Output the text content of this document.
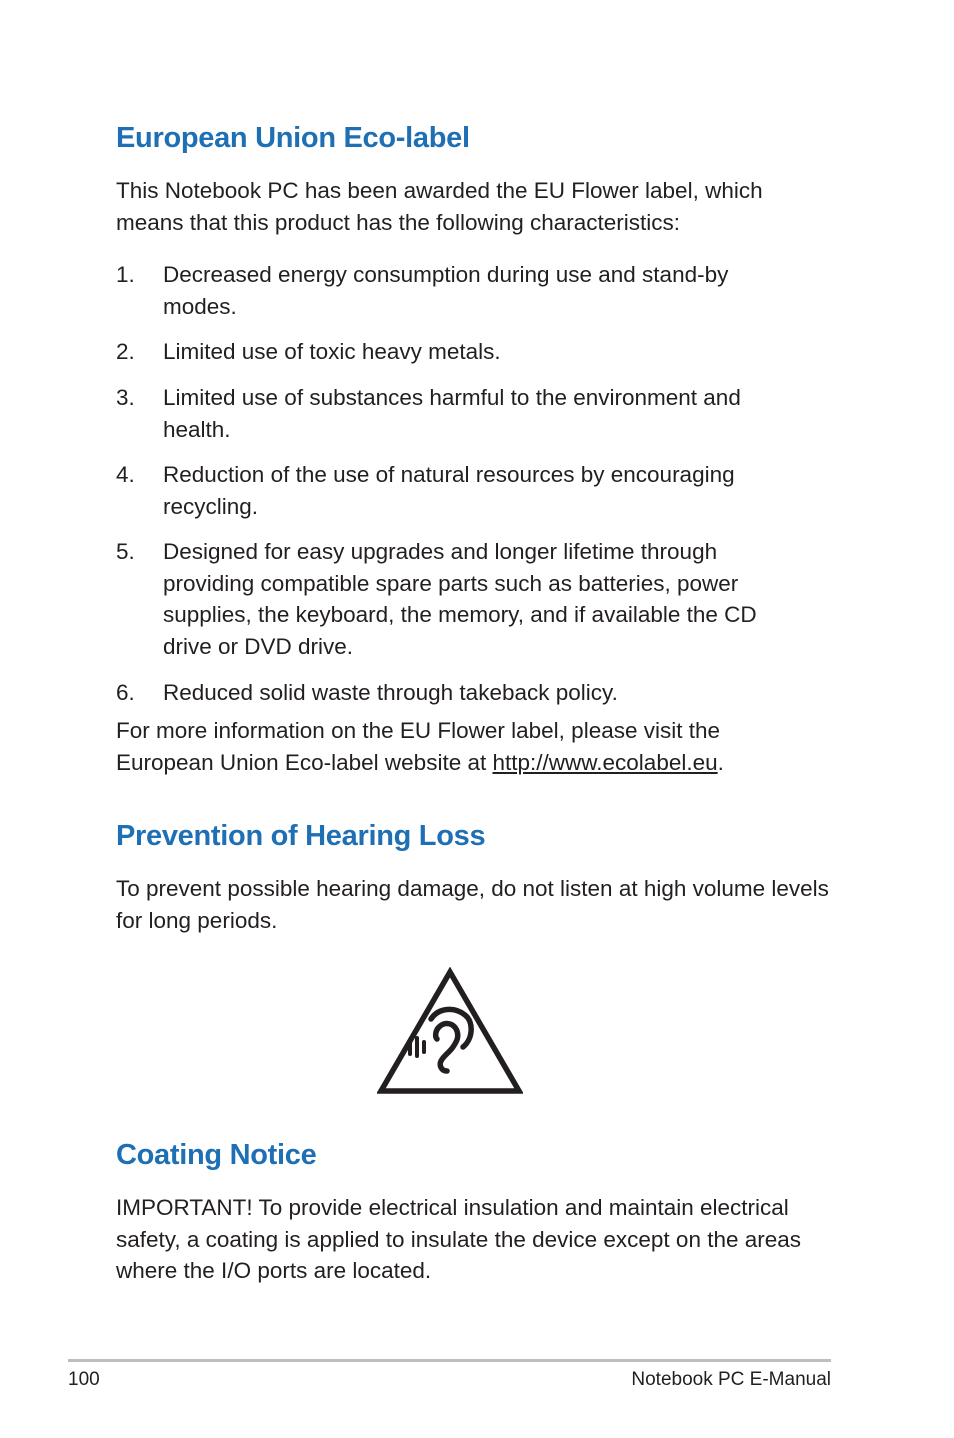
European Union Eco-label

This Notebook PC has been awarded the EU Flower label, which means that this product has the following characteristics:

1.	Decreased energy consumption during use and stand-by modes.
2.	Limited use of toxic heavy metals.
3.	Limited use of substances harmful to the environment and health.
4.	Reduction of the use of natural resources by encouraging recycling.
5.	Designed for easy upgrades and longer lifetime through providing compatible spare parts such as batteries, power supplies, the keyboard, the memory, and if available the CD drive or DVD drive.
6.	Reduced solid waste through takeback policy.

For more information on the EU Flower label, please visit the European Union Eco-label website at http://www.ecolabel.eu.

Prevention of Hearing Loss

To prevent possible hearing damage, do not listen at high volume levels for long periods.

Coating Notice

IMPORTANT! To provide electrical insulation and maintain electrical safety, a coating is applied to insulate the device except on the areas where the I/O ports are located.

100	Notebook PC E-Manual
